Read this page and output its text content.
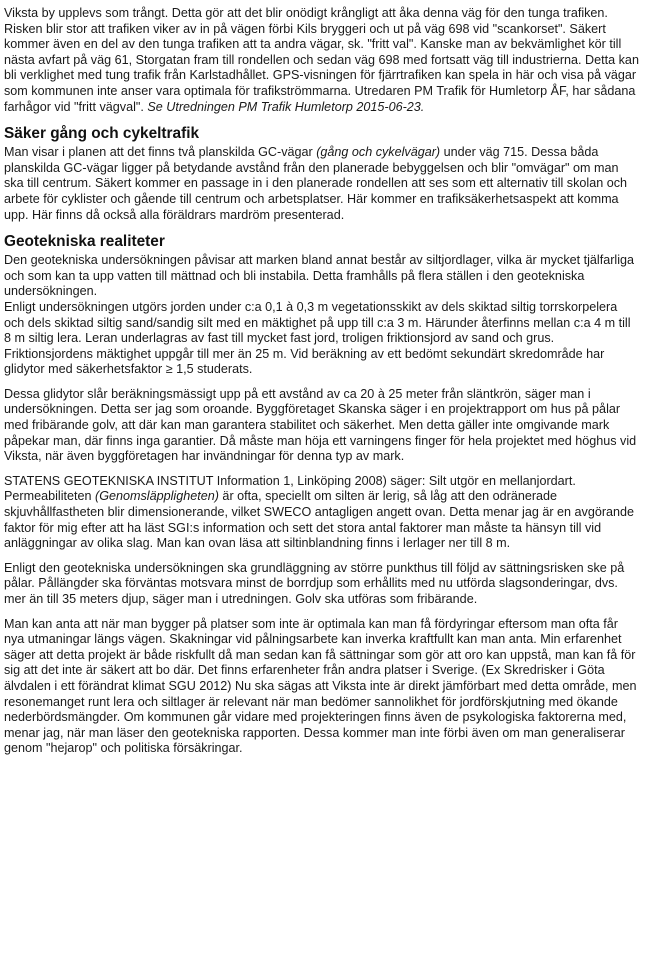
Viksta by upplevs som trångt. Detta gör att det blir onödigt krångligt att åka denna väg för den tunga trafiken. Risken blir stor att trafiken viker av in på vägen förbi Kils bryggeri och ut på väg 698 vid "scankorset". Säkert kommer även en del av den tunga trafiken att ta andra vägar, sk. "fritt val". Kanske man av bekvämlighet kör till nästa avfart på väg 61, Storgatan fram till rondellen och sedan väg 698 med fortsatt väg till industrierna. Detta kan bli verklighet med tung trafik från Karlstadhållet. GPS-visningen för fjärrtrafiken kan spela in här och visa på vägar som kommunen inte anser vara optimala för trafikströmmarna. Utredaren PM Trafik för Humletorp ÅF, har sådana farhågor vid "fritt vägval". Se Utredningen PM Trafik Humletorp 2015-06-23.

Säker gång och cykeltrafik

Man visar i planen att det finns två planskilda GC-vägar (gång och cykelvägar) under väg 715. Dessa båda planskilda GC-vägar ligger på betydande avstånd från den planerade bebyggelsen och blir "omvägar" om man ska till centrum. Säkert kommer en passage in i den planerade rondellen att ses som ett alternativ till skolan och arbete för cyklister och gående till centrum och arbetsplatser. Här kommer en trafiksäkerhetsaspekt att komma upp. Här finns då också alla föräldrars mardröm presenterad.

Geotekniska realiteter

Den geotekniska undersökningen påvisar att marken bland annat består av siltjordlager, vilka är mycket tjälfarliga och som kan ta upp vatten till mättnad och bli instabila. Detta framhålls på flera ställen i den geotekniska undersökningen.

Enligt undersökningen utgörs jorden under c:a 0,1 à 0,3 m vegetationsskikt av dels skiktad siltig torrskorpelera och dels skiktad siltig sand/sandig silt med en mäktighet på upp till c:a 3 m. Härunder återfinns mellan c:a 4 m till 8 m siltig lera. Leran underlagras av fast till mycket fast jord, troligen friktionsjord av sand och grus. Friktionsjordens mäktighet uppgår till mer än 25 m. Vid beräkning av ett bedömt sekundärt skredområde har glidytor med säkerhetsfaktor ≥ 1,5 studerats.

Dessa glidytor slår beräkningsmässigt upp på ett avstånd av ca 20 à 25 meter från släntkrön, säger man i undersökningen. Detta ser jag som oroande. Byggföretaget Skanska säger i en projektrapport om hus på pålar med fribärande golv, att där kan man garantera stabilitet och säkerhet. Men detta gäller inte omgivande mark påpekar man, där finns inga garantier. Då måste man höja ett varningens finger för hela projektet med höghus vid Viksta, när även byggföretagen har invändningar för denna typ av mark.

STATENS GEOTEKNISKA INSTITUT Information 1, Linköping 2008) säger: Silt utgör en mellanjordart. Permeabiliteten (Genomsläppligheten) är ofta, speciellt om silten är lerig, så låg att den odränerade skjuvhållfastheten blir dimensionerande, vilket SWECO antagligen angett ovan. Detta menar jag är en avgörande faktor för mig efter att ha läst SGI:s information och sett det stora antal faktorer man måste ta hänsyn till vid anläggningar av olika slag. Man kan ovan läsa att siltinblandning finns i lerlager ner till 8 m.

Enligt den geotekniska undersökningen ska grundläggning av större punkthus till följd av sättningsrisken ske på pålar. Pållängder ska förväntas motsvara minst de borrdjup som erhållits med nu utförda slagsonderingar, dvs. mer än till 35 meters djup, säger man i utredningen. Golv ska utföras som fribärande.

Man kan anta att när man bygger på platser som inte är optimala kan man få fördyringar eftersom man ofta får nya utmaningar längs vägen. Skakningar vid pålningsarbete kan inverka kraftfullt kan man anta. Min erfarenhet säger att detta projekt är både riskfullt då man sedan kan få sättningar som gör att oro kan uppstå, man kan få för sig att det inte är säkert att bo där. Det finns erfarenheter från andra platser i Sverige. (Ex Skredrisker i Göta älvdalen i ett förändrat klimat SGU 2012) Nu ska sägas att Viksta inte är direkt jämförbart med detta område, men resonemanget runt lera och siltlager är relevant när man bedömer sannolikhet för jordförskjutning med ökande nederbördsmängder. Om kommunen går vidare med projekteringen finns även de psykologiska faktorerna med, menar jag, när man läser den geotekniska rapporten. Dessa kommer man inte förbi även om man generaliserar genom "hejarop" och politiska försäkringar.
